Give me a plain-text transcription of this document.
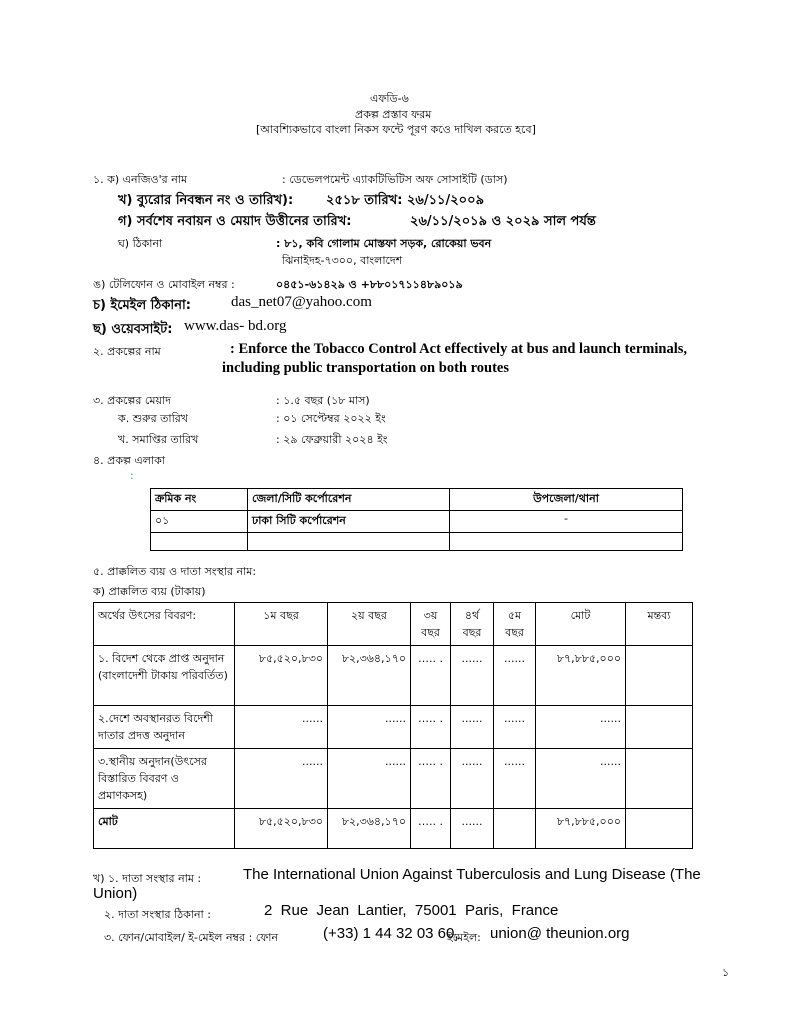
এফডি-৬
প্রকল্প প্রস্তাব ফরম
[আবশ্যিকভাবে বাংলা নিকস ফন্টে পূরণ কওে দাখিল করতে হবে]
১. ক) এনজিও'র নাম	: ডেভেলপমেন্ট এ্যাকটিভিটিস অফ সোসাইটি (ডাস)
খ) ব্যুরোর নিবন্ধন নং ও তারিখ):	২৫১৮ তারিখ: ২৬/১১/২০০৯
গ) সর্বশেষ নবায়ন ও মেয়াদ উত্তীনের তারিখ:	২৬/১১/২০১৯ ও ২০২৯ সাল পর্যন্ত
ঘ) ঠিকানা	: ৮১, কবি গোলাম মোস্তফা সড়ক, রোকেয়া ভবন
ঝিনাইদহ-৭৩০০, বাংলাদেশ
ঙ) টেলিফোন ও মোবাইল নম্বর :	০৪৫১-৬১৪২৯ ও +৮৮০১৭১১৪৮৯০১৯
চ) ইমেইল ঠিকানা:	das_net07@yahoo.com
ছ) ওয়েবসাইট: www.das- bd.org
২. প্রকল্পের নাম	: Enforce the Tobacco Control Act effectively at bus and launch terminals,
including public transportation on both routes
৩. প্রকল্পের মেয়াদ	: ১.৫ বছর (১৮ মাস)
ক. শুরুর তারিখ	: ০১ সেপ্টেম্বর ২০২২ ইং
খ. সমাপ্তির তারিখ	: ২৯ ফেব্রুয়ারী ২০২৪ ইং
৪. প্রকল্প এলাকা
:
ক্রমিক নং	জেলা/সিটি কর্পোরেশন	উপজেলা/থানা
০১	ঢাকা সিটি কর্পোরেশন	-

৫. প্রাক্কলিত ব্যয় ও দাতা সংস্থার নাম:
ক) প্রাক্কলিত ব্যয় (টাকায়)
অর্থের উৎসের বিবরণ:	১ম বছর	২য় বছর	৩য় বছর	৪র্থ বছর	৫ম বছর	মোট	মন্তব্য
১. বিদেশ থেকে প্রাপ্ত অনুদান (বাংলাদেশী টাকায় পরিবর্তিত)	৮৫,৫২০,৮৩০	৮২,৩৬৪,১৭০	….. .	......	......	৮৭,৮৮৫,০০০	
২.দেশে অবস্থানরত বিদেশী দাতার প্রদত্ত অনুদান	......	......	….. .	......	......	......	
৩.স্থানীয় অনুদান(উৎসের বিস্তারিত বিবরণ ও প্রমাণকসহ)	......	......	….. .	......	......	......	
মোট	৮৫,৫২০,৮৩০	৮২,৩৬৪,১৭০	….. .	......		৮৭,৮৮৫,০০০	
খ) ১. দাতা সংস্থার নাম :	The International Union Against Tuberculosis and Lung Disease (The
Union)
২. দাতা সংস্থার ঠিকানা :	2  Rue  Jean  Lantier,  75001  Paris,  France
৩. ফোন/মোবাইল/ ই-মেইল নম্বর : ফোন	(+33) 1 44 32 03 60,
ইমেইল: union@ theunion.org
১
